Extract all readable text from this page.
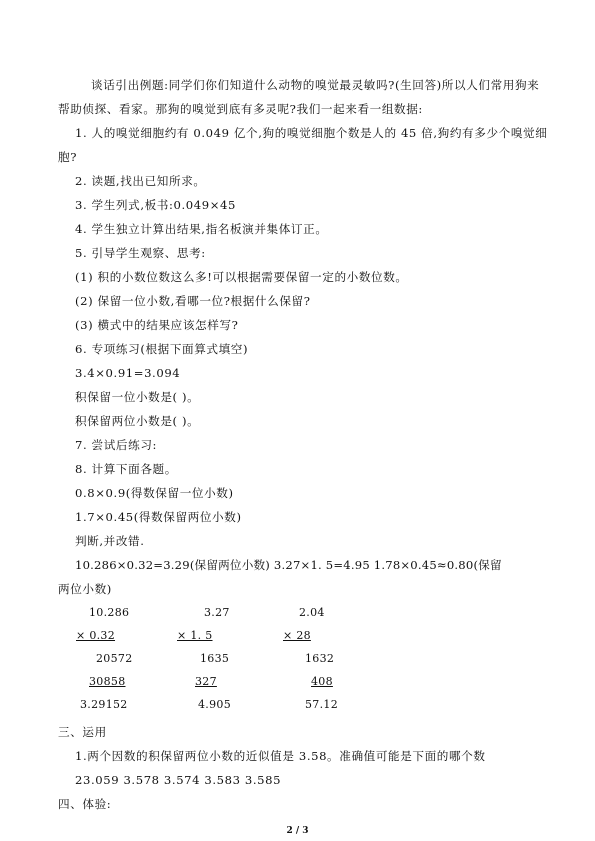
谈话引出例题:同学们你们知道什么动物的嗅觉最灵敏吗?(生回答)所以人们常用狗来
帮助侦探、看家。那狗的嗅觉到底有多灵呢?我们一起来看一组数据:
1. 人的嗅觉细胞约有 0.049 亿个,狗的嗅觉细胞个数是人的 45 倍,狗约有多少个嗅觉细
胞?
2. 读题,找出已知所求。
3. 学生列式,板书:0.049×45
4. 学生独立计算出结果,指名板演并集体订正。
5. 引导学生观察、思考:
(1) 积的小数位数这么多!可以根据需要保留一定的小数位数。
(2) 保留一位小数,看哪一位?根据什么保留?
(3) 横式中的结果应该怎样写?
6. 专项练习(根据下面算式填空)
3.4×0.91=3.094
积保留一位小数是( )。
积保留两位小数是( )。
7. 尝试后练习:
8. 计算下面各题。
0.8×0.9(得数保留一位小数)
1.7×0.45(得数保留两位小数)
判断,并改错.
10.286×0.32=3.29(保留两位小数) 3.27×1. 5=4.95 1.78×0.45≈0.80(保留
两位小数)
10.286
× 0.32
20572
30858
3.29152
3.27
× 1. 5
1635
327
4.905
2.04
× 28
1632
408
57.12
三、运用
1.两个因数的积保留两位小数的近似值是 3.58。准确值可能是下面的哪个数
23.059 3.578 3.574 3.583 3.585
四、体验:
2 / 3
